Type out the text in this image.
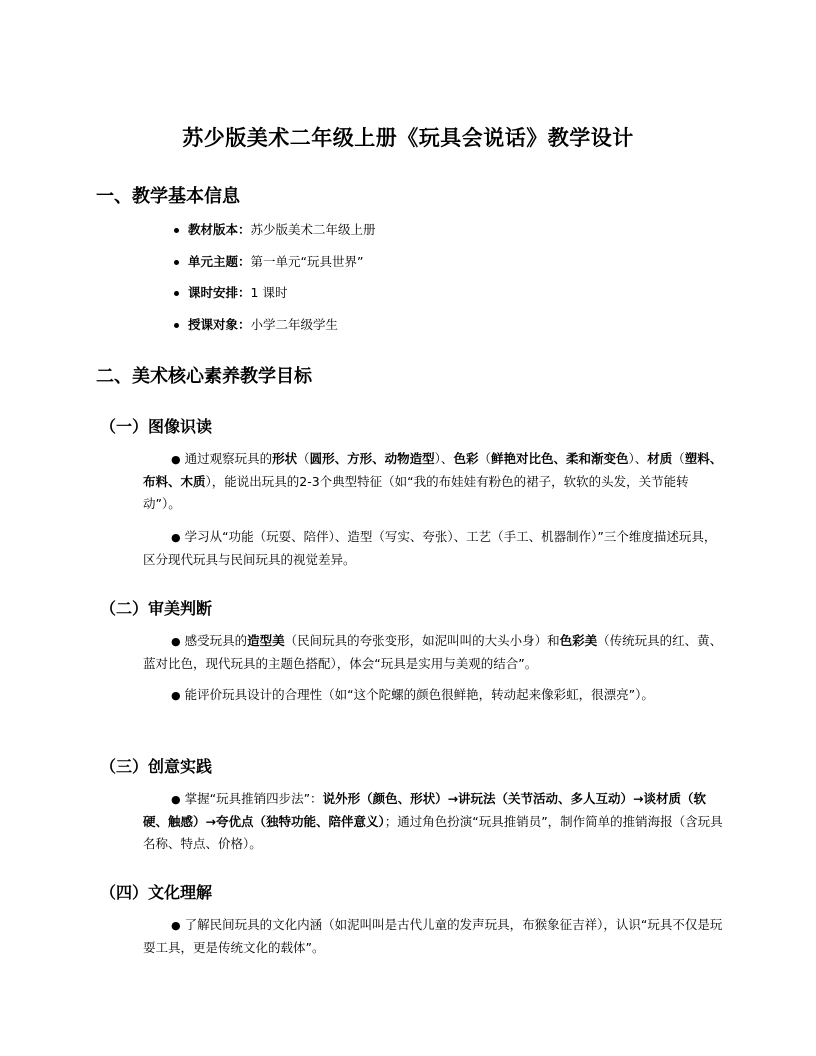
苏少版美术二年级上册《玩具会说话》教学设计
一、教学基本信息
教材版本：苏少版美术二年级上册
单元主题：第一单元“玩具世界”
课时安排：1 课时
授课对象：小学二年级学生
二、美术核心素养教学目标
（一）图像识读

● 通过观察玩具的形状（圆形、方形、动物造型）、色彩（鲜艳对比色、柔和渐变色）、材质（塑料、布料、木质），能说出玩具的2-3个典型特征（如“我的布娃娃有粉色的裙子，软软的头发，关节能转动”）。

● 学习从“功能（玩耍、陪伴）、造型（写实、夸张）、工艺（手工、机器制作）”三个维度描述玩具，区分现代玩具与民间玩具的视觉差异。

（二）审美判断

● 感受玩具的造型美（民间玩具的夸张变形，如泥叫叫的大头小身）和色彩美（传统玩具的红、黄、蓝对比色，现代玩具的主题色搭配），体会“玩具是实用与美观的结合”。

● 能评价玩具设计的合理性（如“这个陀螺的颜色很鲜艳，转动起来像彩虹，很漂亮”）。

（三）创意实践

● 掌握“玩具推销四步法”：说外形（颜色、形状）→讲玩法（关节活动、多人互动）→谈材质（软硬、触感）→夸优点（独特功能、陪伴意义）；通过角色扮演“玩具推销员”，制作简单的推销海报（含玩具名称、特点、价格）。

（四）文化理解

● 了解民间玩具的文化内涵（如泥叫叫是古代儿童的发声玩具，布猴象征吉祥），认识“玩具不仅是玩耍工具，更是传统文化的载体”。
